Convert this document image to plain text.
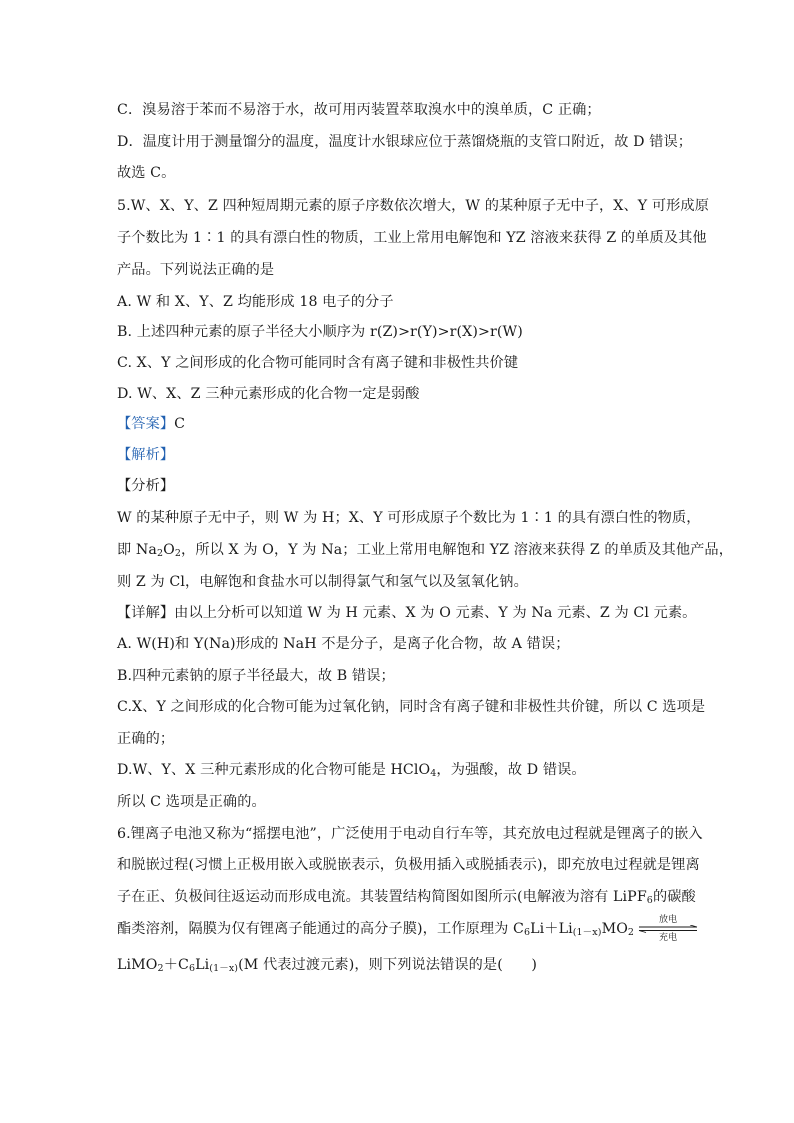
C．溴易溶于苯而不易溶于水，故可用丙装置萃取溴水中的溴单质，C 正确；
D．温度计用于测量馏分的温度，温度计水银球应位于蒸馏烧瓶的支管口附近，故 D 错误；
故选 C。
5.W、X、Y、Z 四种短周期元素的原子序数依次增大，W 的某种原子无中子，X、Y 可形成原
子个数比为 1∶1 的具有漂白性的物质，工业上常用电解饱和 YZ 溶液来获得 Z 的单质及其他
产品。下列说法正确的是
A. W 和 X、Y、Z 均能形成 18 电子的分子
B. 上述四种元素的原子半径大小顺序为 r(Z)>r(Y)>r(X)>r(W)
C. X、Y 之间形成的化合物可能同时含有离子键和非极性共价键
D. W、X、Z 三种元素形成的化合物一定是弱酸
【答案】C
【解析】
【分析】
W 的某种原子无中子，则 W 为 H；X、Y 可形成原子个数比为 1∶1 的具有漂白性的物质，
即 $Na_2O_2$，所以 X 为 O，Y 为 Na；工业上常用电解饱和 YZ 溶液来获得 Z 的单质及其他产品，
则 Z 为 Cl，电解饱和食盐水可以制得氯气和氢气以及氢氧化钠。
【详解】由以上分析可以知道 W 为 H 元素、X 为 O 元素、Y 为 Na 元素、Z 为 Cl 元素。
A. W(H)和 Y(Na)形成的 NaH 不是分子，是离子化合物，故 A 错误；
B.四种元素钠的原子半径最大，故 B 错误；
C.X、Y 之间形成的化合物可能为过氧化钠，同时含有离子键和非极性共价键，所以 C 选项是
正确的；
D.W、Y、X 三种元素形成的化合物可能是 HClO$_4$，为强酸，故 D 错误。
所以 C 选项是正确的。
6.锂离子电池又称为“摇摆电池”，广泛使用于电动自行车等，其充放电过程就是锂离子的嵌入
和脱嵌过程(习惯上正极用嵌入或脱嵌表示，负极用插入或脱插表示)，即充放电过程就是锂离
子在正、负极间往返运动而形成电流。其装置结构简图如图所示(电解液为溶有 LiPF$_6$的碳酸
酯类溶剂，隔膜为仅有锂离子能通过的高分子膜)，工作原理为 $C_6Li+Li_{(1-x)}MO_2$
放电
充电
$LiMO_2+C_6Li_{(1-x)}(M$ 代表过渡元素)，则下列说法错误的是(　　)
